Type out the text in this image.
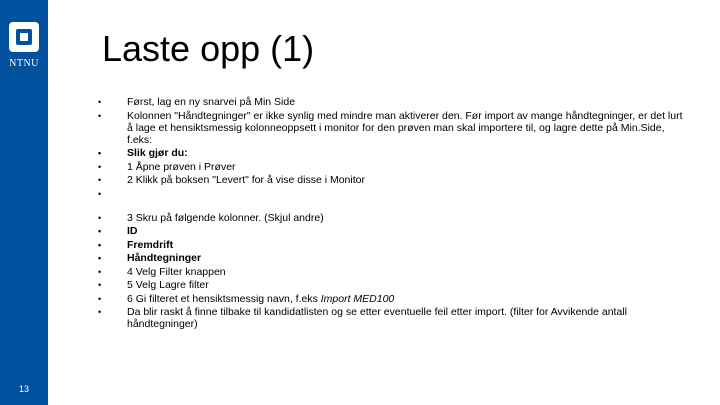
NTNU
13
Laste opp (1)
• Først, lag en ny snarvei på Min Side
• Kolonnen "Håndtegninger" er ikke synlig med mindre man aktiverer den. Før import av mange håndtegninger, er det lurt å lage et hensiktsmessig kolonneoppsett i monitor for den prøven man skal importere til, og lagre dette på Min.Side, f.eks:
• Slik gjør du:
• 1 Åpne prøven i Prøver
• 2 Klikk på boksen "Levert" for å vise disse i Monitor
•
• 3 Skru på følgende kolonner. (Skjul andre)
• ID
• Fremdrift
• Håndtegninger
• 4 Velg Filter knappen
• 5 Velg Lagre filter
• 6 Gi filteret et hensiktsmessig navn, f.eks Import MED100
• Da blir raskt å finne tilbake til kandidatlisten og se etter eventuelle feil etter import. (filter for Avvikende antall håndtegninger)
